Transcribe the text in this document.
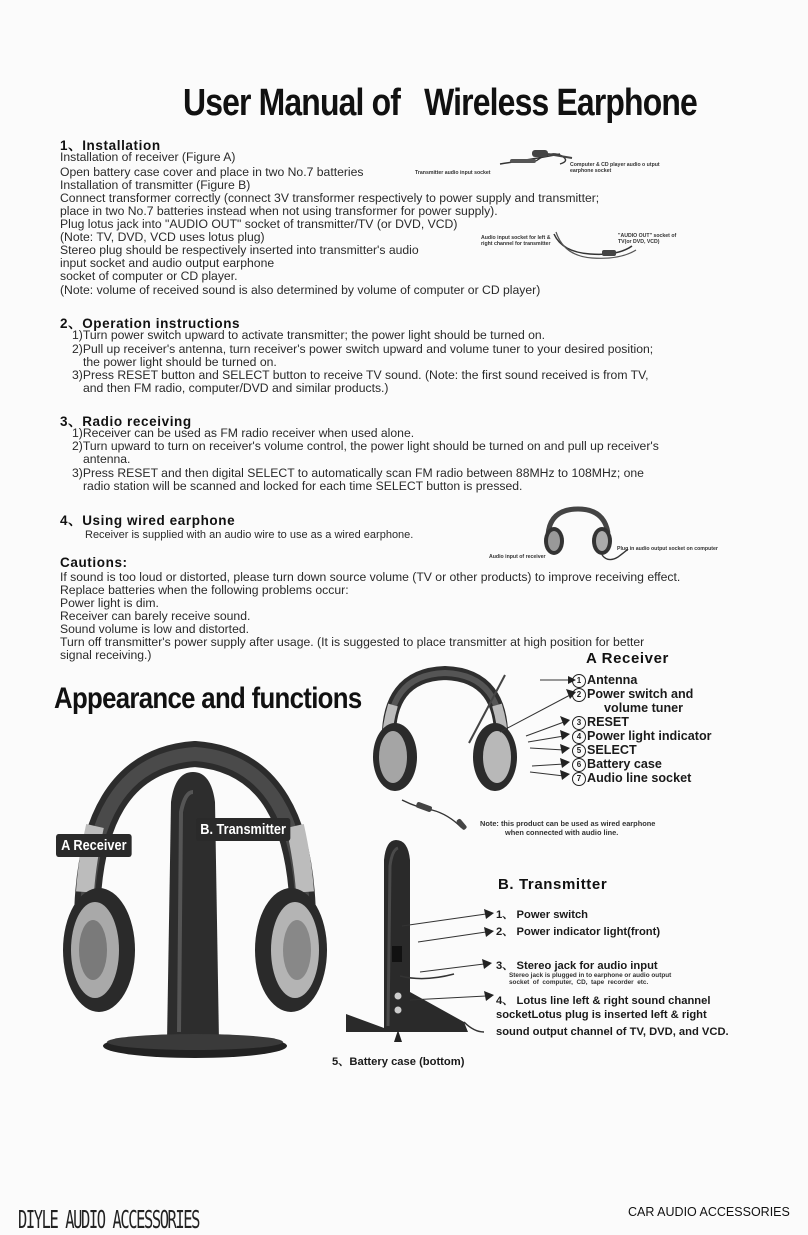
User Manual of   Wireless Earphone
1、Installation
Installation of receiver (Figure A)
Open battery case cover and place in two No.7 batteries
Installation of transmitter (Figure B)
Connect transformer correctly (connect 3V transformer respectively to power supply and transmitter;
place in two No.7 batteries instead when not using transformer for power supply).
Plug lotus jack into "AUDIO OUT" socket of transmitter/TV (or DVD, VCD)
(Note: TV, DVD, VCD uses lotus plug)
Stereo plug should be respectively inserted into transmitter's audio
input socket and audio output earphone
socket of computer or CD player.
(Note: volume of received sound is also determined by volume of computer or CD player)
Transmitter audio input socket
Computer & CD player audio o utput earphone socket
Audio input socket for left & right channel for transmitter
"AUDIO OUT" socket of TV(or DVD, VCD)
2、Operation instructions
1)Turn power switch upward to activate transmitter; the power light should be turned on.
2)Pull up receiver's antenna, turn receiver's power switch upward and volume tuner to your desired position;
the power light should be turned on.
3)Press RESET button and SELECT button to receive TV sound. (Note: the first sound received is from TV,
and then FM radio, computer/DVD and similar products.)
3、Radio receiving
1)Receiver can be used as FM radio receiver when used alone.
2)Turn upward to turn on receiver's volume control, the power light should be turned on and pull up receiver's
antenna.
3)Press RESET and then digital SELECT to automatically scan FM radio between 88MHz to 108MHz; one
radio station will be scanned and locked for each time SELECT button is pressed.
4、Using wired earphone
Receiver is supplied with an audio wire to use as a wired earphone.
Audio input of receiver
Plug in audio output socket on computer
Cautions:
If sound is too loud or distorted, please turn down source volume (TV or other products) to improve receiving effect.
Replace batteries when the following problems occur:
Power light is dim.
Receiver can barely receive sound.
Sound volume is low and distorted.
Turn off transmitter's power supply after usage. (It is suggested to place transmitter at high position for better
signal receiving.)
Appearance and functions
A Receiver
B. Transmitter
A Receiver
1 Antenna
2 Power switch and
volume tuner
3 RESET
4 Power light indicator
5 SELECT
6 Battery case
7 Audio line socket
Note: this product can be used as wired earphone
when connected with audio line.
B. Transmitter
1、 Power switch
2、 Power indicator light(front)
3、 Stereo jack for audio input
Stereo jack is plugged in to earphone or audio output
socket  of  computer,  CD,  tape  recorder  etc.
4、 Lotus line left & right sound channel
socketLotus plug is inserted left & right
sound output channel of TV, DVD, and VCD.
5、Battery case (bottom)
DIYLE AUDIO ACCESSORIES	CAR AUDIO ACCESSORIES
